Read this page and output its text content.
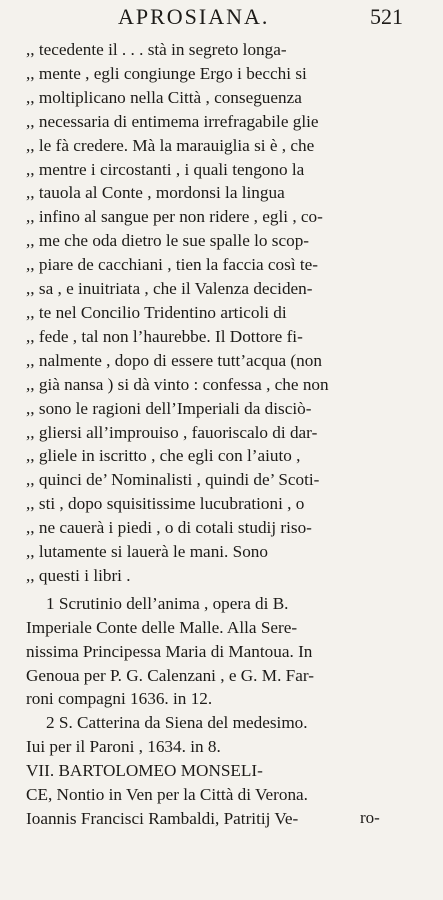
APROSIANA.	521
,, tecedente il . . . stà in segreto longa-
,, mente , egli congiunge Ergo i becchi si
,, moltiplicano nella Città , conseguenza
,, necessaria di entimema irrefragabile glie
,, le fà credere. Mà la marauiglia si è , che
,, mentre i circostanti , i quali tengono la
,, tauola al Conte , mordonsi la lingua
,, infino al sangue per non ridere , egli , co-
,, me che oda dietro le sue spalle lo scop-
,, piare de cacchiani , tien la faccia così te-
,, sa , e inuitriata , che il Valenza deciden-
,, te nel Concilio Tridentino articoli di
,, fede , tal non l’haurebbe. Il Dottore fi-
,, nalmente , dopo di essere tutt’acqua (non
,, già nansa ) si dà vinto : confessa , che non
,, sono le ragioni dell’Imperiali da disciò-
,, gliersi all’improuiso , fauoriscalo di dar-
,, gliele in iscritto , che egli con l’aiuto ,
,, quinci de’ Nominalisti , quindi de’ Scoti-
,, sti , dopo squisitissime lucubrationi , o
,, ne cauerà i piedi , o di cotali studij riso-
,, lutamente si lauerà le mani. Sono
,, questi i libri .
1 Scrutinio dell’anima , opera di B.
Imperiale Conte delle Malle. Alla Sere-
nissima Principessa Maria di Mantoua. In
Genoua per P. G. Calenzani , e G. M. Far-
roni compagni 1636. in 12.
2 S. Catterina da Siena del medesimo.
Iui per il Paroni , 1634. in 8.
VII. BARTOLOMEO MONSELI-
CE, Nontio in Ven per la Città di Verona.
Ioannis Francisci Rambaldi, Patritij Ve-	ro-
